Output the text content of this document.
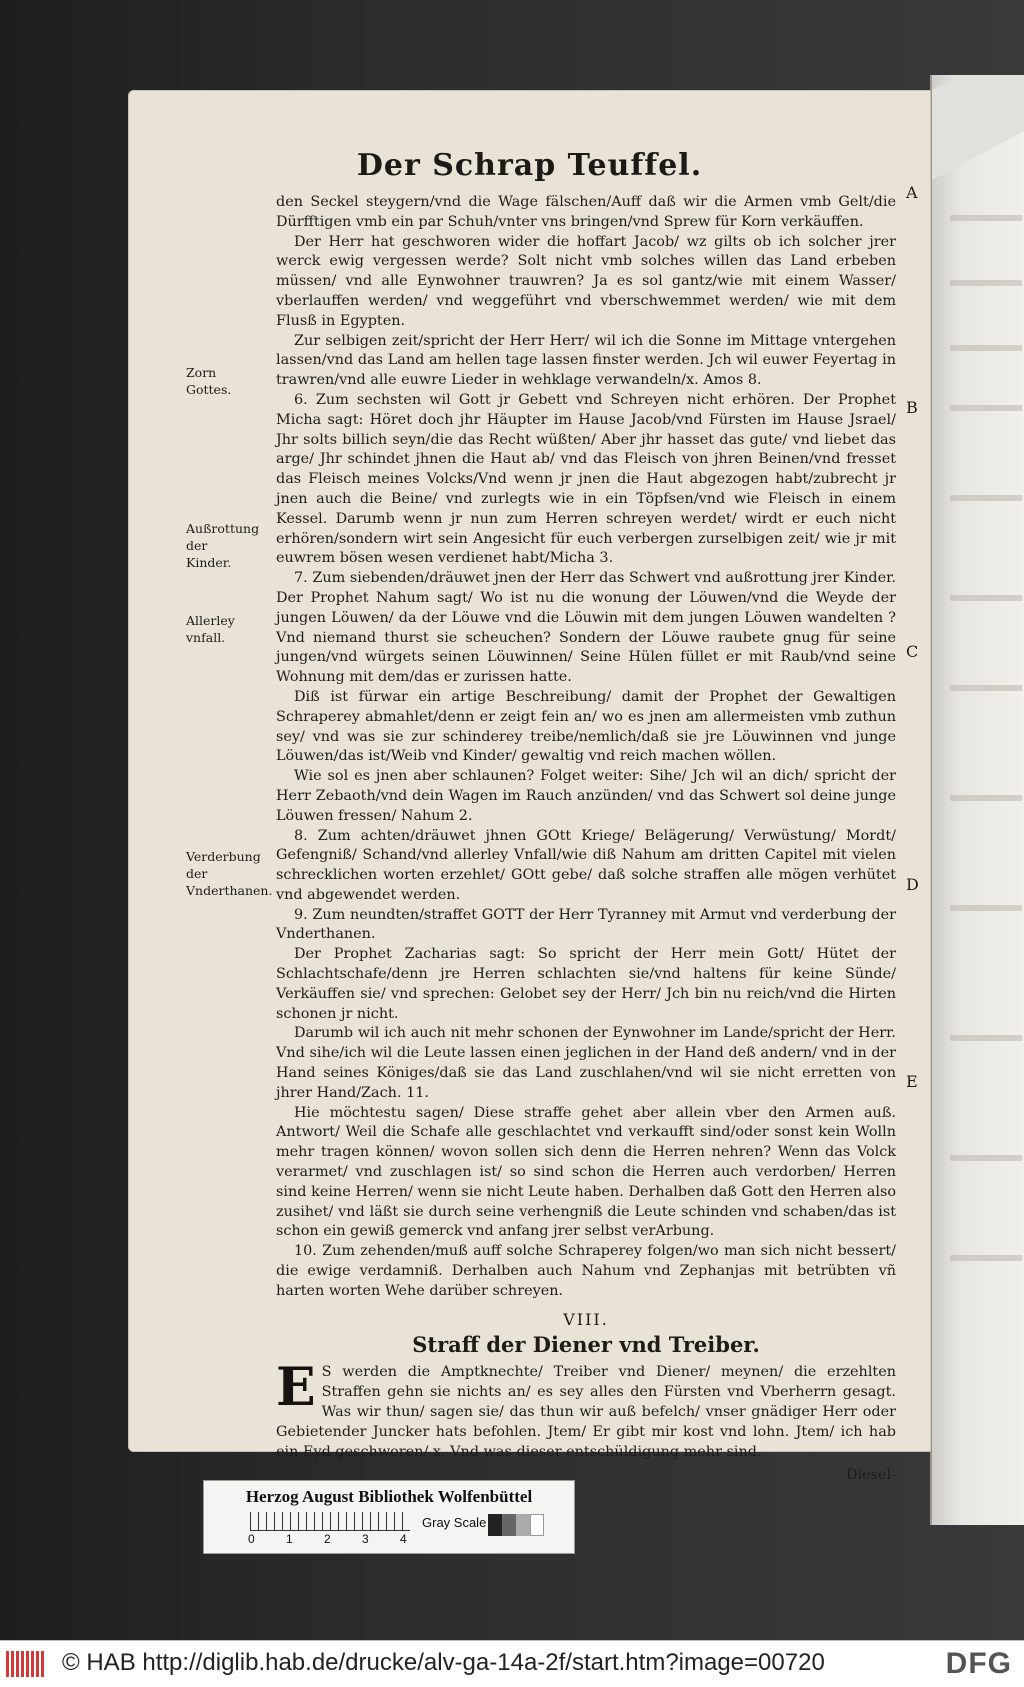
Der Schrap Teuffel.
Zorn Gottes.
Außrottung der Kinder.
Allerley vnfall.
Verderbung der Vnderthanen.
A
B
C
D
E

den Seckel steygern/vnd die Wage fälschen/Auff daß wir die Armen vmb Gelt/die Dürfftigen vmb ein par Schuh/vnter vns bringen/vnd Sprew für Korn verkäuffen.

Der Herr hat geschworen wider die hoffart Jacob/ wz gilts ob ich solcher jrer werck ewig vergessen werde? Solt nicht vmb solches willen das Land erbeben müssen/ vnd alle Eynwohner trauwren? Ja es sol gantz/wie mit einem Wasser/ vberlauffen werden/ vnd weggeführt vnd vberschwemmet werden/ wie mit dem Flusß in Egypten.

Zur selbigen zeit/spricht der Herr Herr/ wil ich die Sonne im Mittage vntergehen lassen/vnd das Land am hellen tage lassen finster werden. Jch wil euwer Feyertag in trawren/vnd alle euwre Lieder in wehklage verwandeln/x. Amos 8.

6. Zum sechsten wil Gott jr Gebett vnd Schreyen nicht erhören. Der Prophet Micha sagt: Höret doch jhr Häupter im Hause Jacob/vnd Fürsten im Hause Jsrael/ Jhr solts billich seyn/die das Recht wüßten/ Aber jhr hasset das gute/ vnd liebet das arge/ Jhr schindet jhnen die Haut ab/ vnd das Fleisch von jhren Beinen/vnd fresset das Fleisch meines Volcks/Vnd wenn jr jnen die Haut abgezogen habt/zubrecht jr jnen auch die Beine/ vnd zurlegts wie in ein Töpfsen/vnd wie Fleisch in einem Kessel. Darumb wenn jr nun zum Herren schreyen werdet/ wirdt er euch nicht erhören/sondern wirt sein Angesicht für euch verbergen zurselbigen zeit/ wie jr mit euwrem bösen wesen verdienet habt/Micha 3.

7. Zum siebenden/dräuwet jnen der Herr das Schwert vnd außrottung jrer Kinder. Der Prophet Nahum sagt/ Wo ist nu die wonung der Löuwen/vnd die Weyde der jungen Löuwen/ da der Löuwe vnd die Löuwin mit dem jungen Löuwen wandelten ? Vnd niemand thurst sie scheuchen? Sondern der Löuwe raubete gnug für seine jungen/vnd würgets seinen Löuwinnen/ Seine Hülen füllet er mit Raub/vnd seine Wohnung mit dem/das er zurissen hatte.

Diß ist fürwar ein artige Beschreibung/ damit der Prophet der Gewaltigen Schraperey abmahlet/denn er zeigt fein an/ wo es jnen am allermeisten vmb zuthun sey/ vnd was sie zur schinderey treibe/nemlich/daß sie jre Löuwinnen vnd junge Löuwen/das ist/Weib vnd Kinder/ gewaltig vnd reich machen wöllen.

Wie sol es jnen aber schlaunen? Folget weiter: Sihe/ Jch wil an dich/ spricht der Herr Zebaoth/vnd dein Wagen im Rauch anzünden/ vnd das Schwert sol deine junge Löuwen fressen/ Nahum 2.

8. Zum achten/dräuwet jhnen GOtt Kriege/ Belägerung/ Verwüstung/ Mordt/ Gefengniß/ Schand/vnd allerley Vnfall/wie diß Nahum am dritten Capitel mit vielen schrecklichen worten erzehlet/ GOtt gebe/ daß solche straffen alle mögen verhütet vnd abgewendet werden.

9. Zum neundten/straffet GOTT der Herr Tyranney mit Armut vnd verderbung der Vnderthanen.

Der Prophet Zacharias sagt: So spricht der Herr mein Gott/ Hütet der Schlachtschafe/denn jre Herren schlachten sie/vnd haltens für keine Sünde/ Verkäuffen sie/ vnd sprechen: Gelobet sey der Herr/ Jch bin nu reich/vnd die Hirten schonen jr nicht.

Darumb wil ich auch nit mehr schonen der Eynwohner im Lande/spricht der Herr. Vnd sihe/ich wil die Leute lassen einen jeglichen in der Hand deß andern/ vnd in der Hand seines Königes/daß sie das Land zuschlahen/vnd wil sie nicht erretten von jhrer Hand/Zach. 11.

Hie möchtestu sagen/ Diese straffe gehet aber allein vber den Armen auß. Antwort/ Weil die Schafe alle geschlachtet vnd verkaufft sind/oder sonst kein Wolln mehr tragen können/ wovon sollen sich denn die Herren nehren? Wenn das Volck verarmet/ vnd zuschlagen ist/ so sind schon die Herren auch verdorben/ Herren sind keine Herren/ wenn sie nicht Leute haben. Derhalben daß Gott den Herren also zusihet/ vnd läßt sie durch seine verhengniß die Leute schinden vnd schaben/das ist schon ein gewiß gemerck vnd anfang jrer selbst verArbung.

10. Zum zehenden/muß auff solche Schraperey folgen/wo man sich nicht bessert/ die ewige verdamniß. Derhalben auch Nahum vnd Zephanjas mit betrübten vñ harten worten Wehe darüber schreyen.

VIII.
Straff der Diener vnd Treiber.

E S werden die Amptknechte/ Treiber vnd Diener/ meynen/ die erzehlten Straffen gehn sie nichts an/ es sey alles den Fürsten vnd Vberherrn gesagt. Was wir thun/ sagen sie/ das thun wir auß befelch/ vnser gnädiger Herr oder Gebietender Juncker hats befohlen. Jtem/ Er gibt mir kost vnd lohn. Jtem/ ich hab ein Eyd geschworen/ x. Vnd was dieser entschüldigung mehr sind.

Diesel-

Herzog August Bibliothek Wolfenbüttel
0	1	2	3	4
Gray Scale
© HAB http://diglib.hab.de/drucke/alv-ga-14a-2f/start.htm?image=00720	DFG
